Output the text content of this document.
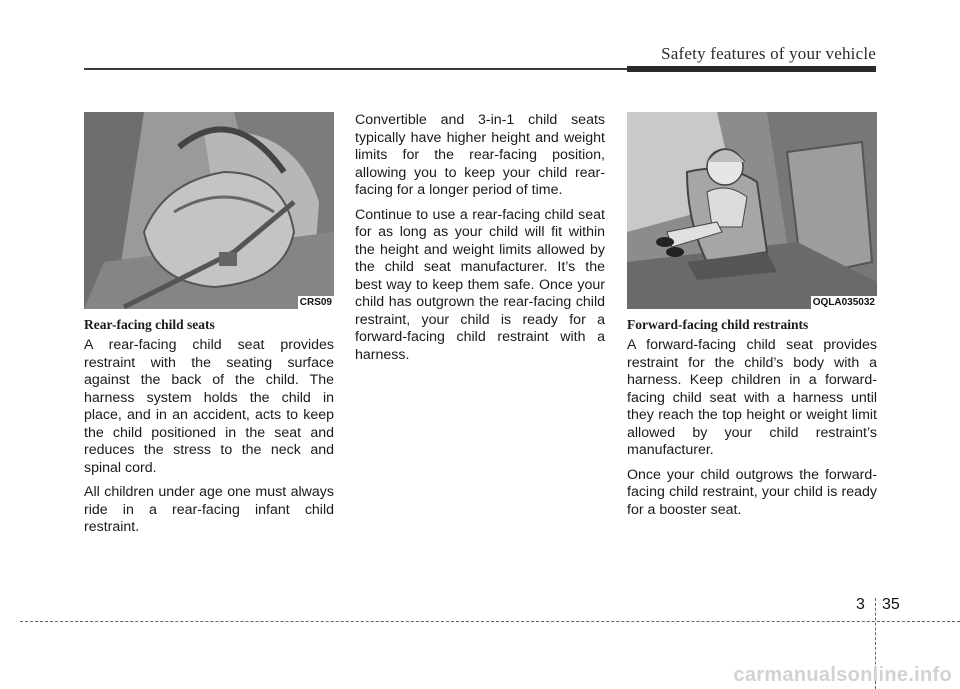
Safety features of your vehicle
CRS09
Rear-facing child seats

A rear-facing child seat provides restraint with the seating surface against the back of the child. The harness system holds the child in place, and in an accident, acts to keep the child positioned in the seat and reduces the stress to the neck and spinal cord.

All children under age one must always ride in a rear-facing infant child restraint.

Convertible and 3-in-1 child seats typically have higher height and weight limits for the rear-facing position, allowing you to keep your child rear-facing for a longer period of time.

Continue to use a rear-facing child seat for as long as your child will fit within the height and weight limits allowed by the child seat manufacturer. It’s the best way to keep them safe. Once your child has outgrown the rear-facing child restraint, your child is ready for a forward-facing child restraint with a harness.

OQLA035032
Forward-facing child restraints

A forward-facing child seat provides restraint for the child’s body with a harness. Keep children in a forward-facing child seat with a harness until they reach the top height or weight limit allowed by your child restraint’s manufacturer.

Once your child outgrows the forward-facing child restraint, your child is ready for a booster seat.

3 35
carmanualsonline.info
